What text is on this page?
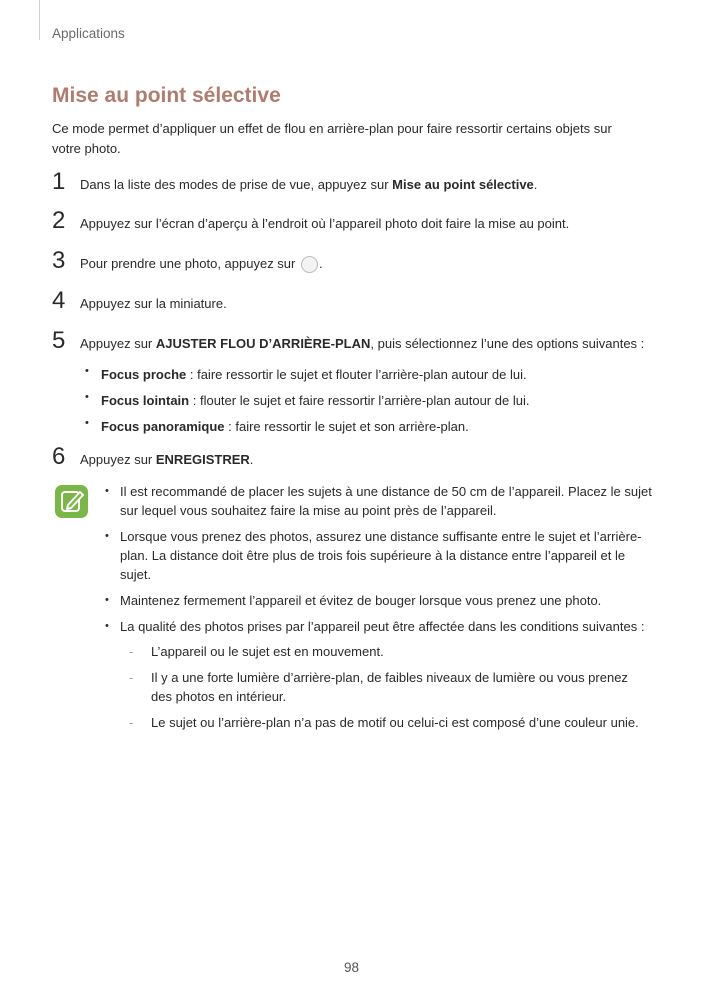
Applications
Mise au point sélective

Ce mode permet d’appliquer un effet de flou en arrière-plan pour faire ressortir certains objets sur votre photo.

1 Dans la liste des modes de prise de vue, appuyez sur Mise au point sélective.
2 Appuyez sur l’écran d’aperçu à l’endroit où l’appareil photo doit faire la mise au point.
3 Pour prendre une photo, appuyez sur .
4 Appuyez sur la miniature.
5 Appuyez sur AJUSTER FLOU D’ARRIÈRE-PLAN, puis sélectionnez l’une des options suivantes :
• Focus proche : faire ressortir le sujet et flouter l’arrière-plan autour de lui.
• Focus lointain : flouter le sujet et faire ressortir l’arrière-plan autour de lui.
• Focus panoramique : faire ressortir le sujet et son arrière-plan.
6 Appuyez sur ENREGISTRER.
• Il est recommandé de placer les sujets à une distance de 50 cm de l’appareil. Placez le sujet sur lequel vous souhaitez faire la mise au point près de l’appareil.
• Lorsque vous prenez des photos, assurez une distance suffisante entre le sujet et l’arrière-plan. La distance doit être plus de trois fois supérieure à la distance entre l’appareil et le sujet.
• Maintenez fermement l’appareil et évitez de bouger lorsque vous prenez une photo.
• La qualité des photos prises par l’appareil peut être affectée dans les conditions suivantes :
- L’appareil ou le sujet est en mouvement.
- Il y a une forte lumière d’arrière-plan, de faibles niveaux de lumière ou vous prenez des photos en intérieur.
- Le sujet ou l’arrière-plan n’a pas de motif ou celui-ci est composé d’une couleur unie.
98
